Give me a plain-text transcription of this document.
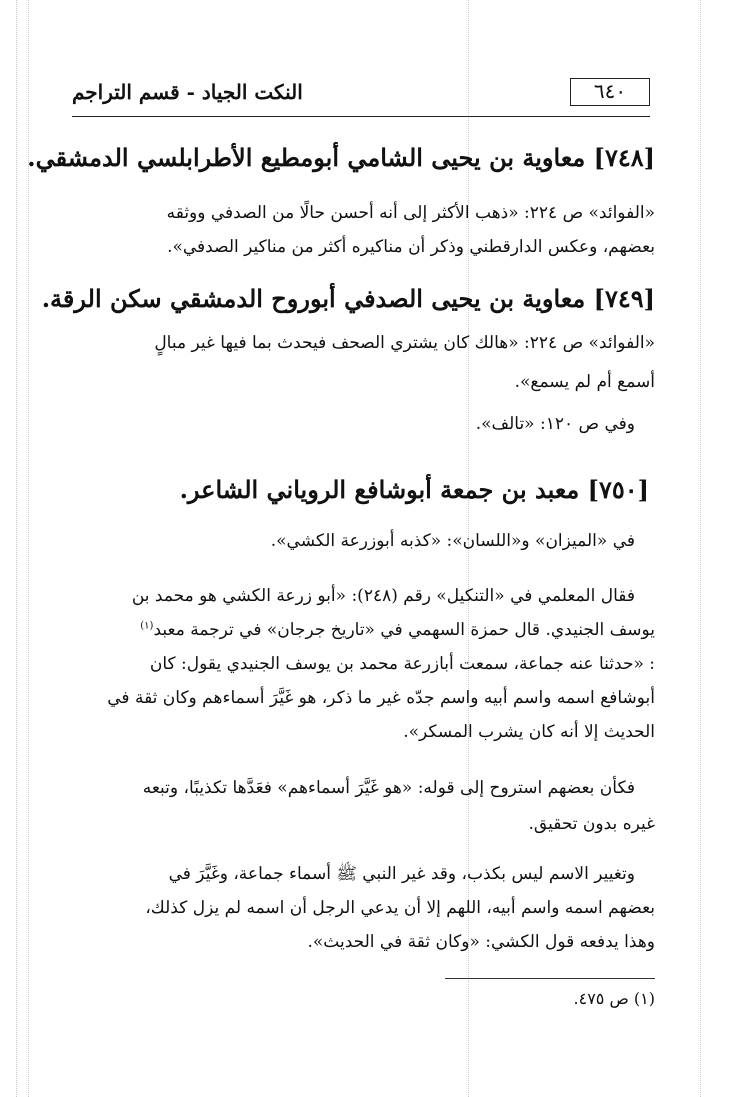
٦٤٠
النكت الجياد - قسم التراجم
[٧٤٨] معاوية بن يحيى الشامي أبومطيع الأطرابلسي الدمشقي.
«الفوائد» ص ٢٢٤: «ذهب الأكثر إلى أنه أحسن حالًا من الصدفي ووثقه
بعضهم، وعكس الدارقطني وذكر أن مناكيره أكثر من مناكير الصدفي».
[٧٤٩] معاوية بن يحيى الصدفي أبوروح الدمشقي سكن الرقة.
«الفوائد» ص ٢٢٤: «هالك كان يشتري الصحف فيحدث بما فيها غير مبالٍ
أسمع أم لم يسمع».
وفي ص ١٢٠: «تالف».
[٧٥٠] معبد بن جمعة أبوشافع الروياني الشاعر.
في «الميزان» و«اللسان»: «كذبه أبوزرعة الكشي».
فقال المعلمي في «التنكيل» رقم (٢٤٨): «أبو زرعة الكشي هو محمد بن
يوسف الجنيدي. قال حمزة السهمي في «تاريخ جرجان» في ترجمة معبد$^{(١)}$
: «حدثنا عنه جماعة، سمعت أبازرعة محمد بن يوسف الجنيدي يقول: كان
أبوشافع اسمه واسم أبيه واسم جدّه غير ما ذكر، هو غَيَّرَ أسماءهم وكان ثقة في
الحديث إلا أنه كان يشرب المسكر».
فكأن بعضهم استروح إلى قوله: «هو غَيَّرَ أسماءهم» فعَدَّها تكذيبًا، وتبعه
غيره بدون تحقيق.
وتغيير الاسم ليس بكذب، وقد غير النبي ﷺ أسماء جماعة، وغَيَّرَ في
بعضهم اسمه واسم أبيه، اللهم إلا أن يدعي الرجل أن اسمه لم يزل كذلك،
وهذا يدفعه قول الكشي: «وكان ثقة في الحديث».
(١) ص ٤٧٥.
